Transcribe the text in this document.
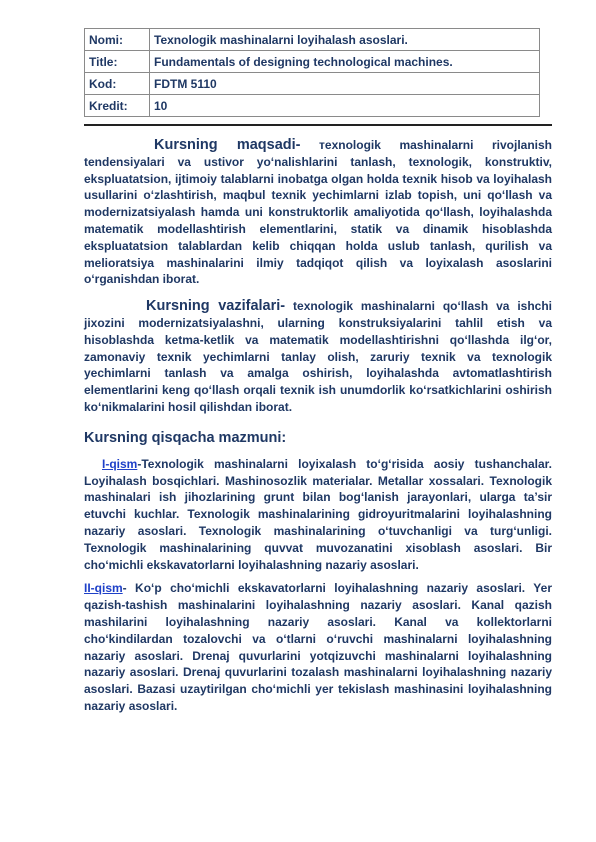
Nomi:	Texnologik mashinalarni loyihalash asoslari.
Title:	Fundamentals of designing technological machines.
Kod:	FDTM 5110
Kredit:	10

Kursning maqsadi- тexnologik mashinalarni rivojlanish tendensiyalari va ustivor yo‘nalishlarini tanlash, texnologik, konstruktiv, ekspluatatsion, ijtimoiy talablarni inobatga olgan holda texnik hisob va loyihalash usullarini o‘zlashtirish, maqbul texnik yechimlarni izlab topish, uni qo‘llash va modernizatsiyalash hamda uni konstruktorlik amaliyotida qo‘llash, loyihalashda matematik modellashtirish elementlarini, statik va dinamik hisoblashda ekspluatatsion talablardan kelib chiqqan holda uslub tanlash, qurilish va melioratsiya mashinalarini ilmiy tadqiqot qilish va loyixalash asoslarini o‘rganishdan iborat.

Kursning vazifalari- texnologik mashinalarni qo‘llash va ishchi jixozini modernizatsiyalashni, ularning konstruksiyalarini tahlil etish va hisoblashda ketma-ketlik va matematik modellashtirishni qo‘llashda ilg‘or, zamonaviy texnik yechimlarni tanlay olish, zaruriy texnik va texnologik yechimlarni tanlash va amalga oshirish, loyihalashda avtomatlashtirish elementlarini keng qo‘llash orqali texnik ish unumdorlik ko‘rsatkichlarini oshirish ko‘nikmalarini hosil qilishdan iborat.

Kursning qisqacha mazmuni:

I-qism-Texnologik mashinalarni loyixalash to‘g‘risida aosiy tushanchalar. Loyihalash bosqichlari. Mashinosozlik materialar. Metallar xossalari. Texnologik mashinalari ish jihozlarining grunt bilan bog‘lanish jarayonlari, ularga ta’sir etuvchi kuchlar. Texnologik mashinalarining gidroyuritmalarini loyihalashning nazariy asoslari. Texnologik mashinalarining o‘tuvchanligi va turg‘unligi. Texnologik mashinalarining quvvat muvozanatini xisoblash asoslari. Bir cho‘michli ekskavatorlarni loyihalashning nazariy asoslari.

II-qism- Ko‘p cho‘michli ekskavatorlarni loyihalashning nazariy asoslari. Yer qazish-tashish mashinalarini loyihalashning nazariy asoslari. Kanal qazish mashilarini loyihalashning nazariy asoslari. Kanal va kollektorlarni cho‘kindilardan tozalovchi va o‘tlarni o‘ruvchi mashinalarni loyihalashning nazariy asoslari. Drenaj quvurlarini yotqizuvchi mashinalarni loyihalashning nazariy asoslari. Drenaj quvurlarini tozalash mashinalarni loyihalashning nazariy asoslari. Bazasi uzaytirilgan cho‘michli yer tekislash mashinasini loyihalashning nazariy asoslari.
